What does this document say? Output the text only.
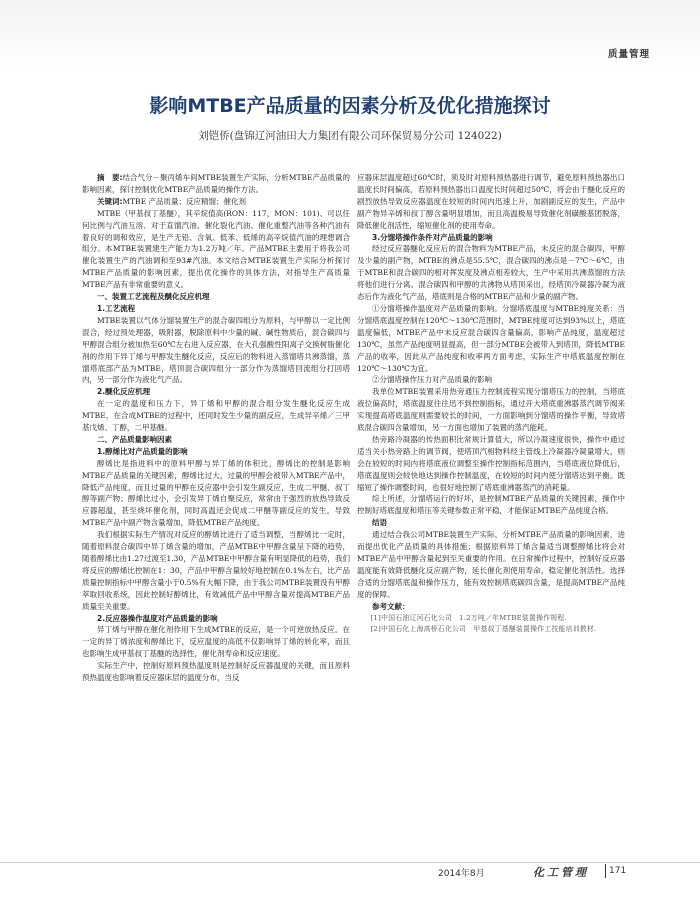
质量管理
影响MTBE产品质量的因素分析及优化措施探讨
刘铠侨(盘锦辽河油田大力集团有限公司环保贸易分公司 124022)

摘　要:结合气分－聚丙烯车间MTBE装置生产实际，分析MTBE产品质量的影响因素，探讨控制优化MTBE产品质量的操作方法。

关键词:MTBE 产品质量；反应精馏；催化剂

MTBE（甲基叔丁基醚），其辛烷值高(RON：117，MON：101)、可以任何比例与汽油互溶、对于直馏汽油、催化裂化汽油、催化重整汽油等各种汽油有着良好的调和效应，是生产无铅、含氧、低苯、低烯的高辛烷值汽油的理想调合组分。本MTBE装置建生产能力为1.2万吨／年。产品MTBE主要用于将我公司催化装置生产的汽油调和至93#汽油。本文结合MTBE装置生产实际分析探讨MTBE产品质量的影响因素，提出优化操作的具体方法，对指导生产高质量MTBE产品有非常重要的意义。

一、装置工艺流程及醚化反应机理

1.工艺流程

MTBE装置以气体分馏装置生产的混合碳四组分为原料，与甲醇以一定比例混合，经过预处理器，吸附器，脱除原料中少量的碱、碱性物质后，混合碳四与甲醇混合组分被加热至60℃左右进入反应器，在大孔强酸性阳离子交换树脂催化剂的作用下异丁烯与甲醇发生醚化反应，反应后的物料进入蒸馏塔共沸蒸馏，蒸馏塔底部产品为MTBE，塔顶混合碳四组分一部分作为蒸馏塔回流组分打回塔内，另一部分作为液化气产品。

2.醚化反应机理

在一定的温度和压力下，异丁烯和甲醇的混合组分发生醚化反应生成MTBE，在合成MTBE的过程中，还同时发生少量的副反应，生成异辛烯／三甲基戊烯、丁醇，二甲基醚。

二、产品质量影响因素

1.醇烯比对产品质量的影响

醇烯比是指进料中的原料甲醇与异丁烯的体积比，醇烯比的控制是影响MTBE产品质量的关键因素，醇烯比过大，过量的甲醇会被带入MTBE产品中，降低产品纯度，而且过量的甲醇在反应器中会引发生副反应，生成二甲醚、叔丁醇等副产物；醇烯比过小，会引发异丁烯自聚反应，常常由于强烈的放热导致反应器超温，甚至烧坏催化剂，同时高温还会促成二甲醚等副反应的发生，导致MTBE产品中副产物含量增加，降低MTBE产品纯度。

我们根据实际生产情况对反应的醇烯比进行了适当调整，当醇烯比一定时，随着原料混合碳四中异丁烯含量的增加，产品MTBE中甲醇含量呈下降的趋势，随着醇烯比由1.27过渡至1.30，产品MTBE中甲醇含量有明显降低的趋势，我们将反应的醇烯比控制在1：30，产品中甲醇含量较好地控制在0.1%左右，比产品质量控制指标中甲醇含量小于0.5%有大幅下降，由于我公司MTBE装置没有甲醇萃取回收系统，因此控制好醇烯比，有效减低产品中甲醇含量对提高MTBE产品质量至关重要。

2.反应器操作温度对产品质量的影响

异丁烯与甲醇在催化剂作用下生成MTBE的反应，是一个可逆放热反应。在一定的异丁烯浓度和醇烯比下，反应温度的高低不仅影响异丁烯的转化率，而且也影响生成甲基叔丁基醚的选择性，催化剂寿命和反应速度。

实际生产中，控制好原料预热温度则是控制好反应器温度的关键，而且原料预热温度也影响着反应器床层的温度分布，当反

应器床层温度超过60℃时，须及时对原料预热器进行调节，避免原料预热器出口温度长时间偏高，若原料预热器出口温度长时间超过50℃，将会由于醚化反应的剧烈放热导致反应器温度在较短的时间内迅速上升，加剧副反应的发生，产品中副产物异辛烯和叔丁醇含量明显增加，而且高温极易导致催化剂磺酸基团脱落，降低催化剂活性，缩短催化剂的使用寿命。

3.分馏塔操作条件对产品质量的影响

经过反应器醚化反应后的混合物料为MTBE产品，未反应的混合碳四，甲醇及少量的副产物，MTBE的沸点是55.5℃，混合碳四的沸点是－7℃～6℃，由于MTBE和混合碳四的相对挥发度及沸点相差较大，生产中采用共沸蒸馏的方法将他们进行分离。混合碳四和甲醇的共沸物从塔顶采出，经塔顶冷凝器冷凝为液态后作为液化气产品，塔底则是合格的MTBE产品和少量的副产物。

①分馏塔操作温度对产品质量的影响。分馏塔底温度与MTBE纯度关系：当分馏塔底温度控制在120℃～130℃范围时，MTBE纯度可达到93%以上，塔底温度偏低，MTBE产品中未反应混合碳四含量偏高，影响产品纯度，温度超过130℃，虽然产品纯度明显提高，但一部分MTBE会被带入到塔顶，降低MTBE产品的收率，因此从产品纯度和收率两方面考虑，实际生产中塔底温度控制在120℃～130℃为宜。

②分馏塔操作压力对产品质量的影响

我单位MTBE装置采用热旁通压力控制流程实现分馏塔压力的控制，当塔底液位偏高时，塔底温度往往迅不到控制指标，通过开大塔底重沸器蒸汽调节阀来实现提高塔底温度则需要较长的时间，一方面影响到分馏塔的操作平衡，导致塔底混合碳四含量增加，另一方面也增加了装置的蒸汽能耗。

热旁路冷凝器的传热面积比常规计算值大，所以冷凝速度很快，操作中通过适当关小热旁路上的调节阀，使塔顶汽相物料经主管线上冷凝器冷凝量增大，则会在较短的时间内将塔底液位调整至操作控制指标范围内，当塔底液位降低后，塔底温度则会较快地达到操作控制温度，在较短的时间内使分馏塔达到平衡。既缩短了操作调整时间，也很好地控制了塔底重沸器蒸汽的消耗量。

综上所述，分馏塔运行的好坏，是控制MTBE产品质量的关键因素，操作中控制好塔底温度和塔压等关键参数正常平稳，才能保证MTBE产品纯度合格。

结语

通过结合我公司MTBE装置生产实际，分析MTBE产品质量的影响因素，进而提出优化产品质量的具体措施；根据原料异丁烯含量适当调整醇烯比将会对MTBE产品中甲醇含量起到至关重要的作用。在日常操作过程中，控制好反应器温度能有效降低醚化反应副产物，延长催化剂使用寿命，稳定催化剂活性。选择合适的分馏塔底温和操作压力，能有效控制塔底碳四含量，是提高MTBE产品纯度的保障。

参考文献：

[1]中国石油辽河石化公司　1.2万吨／年MTBE装置操作规程.

[2]中国石化上海高桥石化公司　甲基叔丁基醚装置操作工技能培训教材.

2014年8月	化工管理 171
